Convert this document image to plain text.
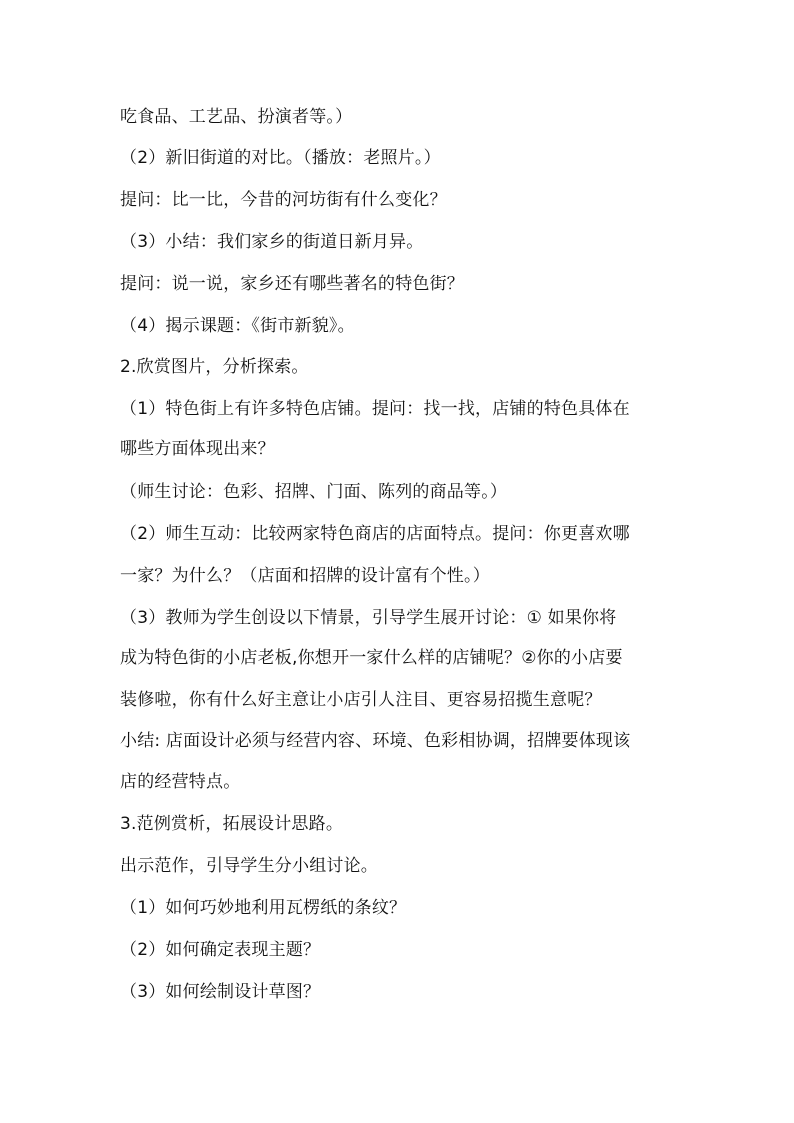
吃食品、工艺品、扮演者等。）
（2）新旧街道的对比。（播放：老照片。）
提问：比一比，今昔的河坊街有什么变化？
（3）小结：我们家乡的街道日新月异。
提问：说一说，家乡还有哪些著名的特色街？
（4）揭示课题：《街市新貌》。
2.欣赏图片，分析探索。
（1）特色街上有许多特色店铺。提问：找一找，店铺的特色具体在
哪些方面体现出来？
（师生讨论：色彩、招牌、门面、陈列的商品等。）
（2）师生互动：比较两家特色商店的店面特点。提问：你更喜欢哪
一家？为什么？（店面和招牌的设计富有个性。）
（3）教师为学生创设以下情景，引导学生展开讨论：① 如果你将
成为特色街的小店老板,你想开一家什么样的店铺呢？②你的小店要
装修啦，你有什么好主意让小店引人注目、更容易招揽生意呢？
小结: 店面设计必须与经营内容、环境、色彩相协调，招牌要体现该
店的经营特点。
3.范例赏析，拓展设计思路。
出示范作，引导学生分小组讨论。
（1）如何巧妙地利用瓦楞纸的条纹？
（2）如何确定表现主题？
（3）如何绘制设计草图？
